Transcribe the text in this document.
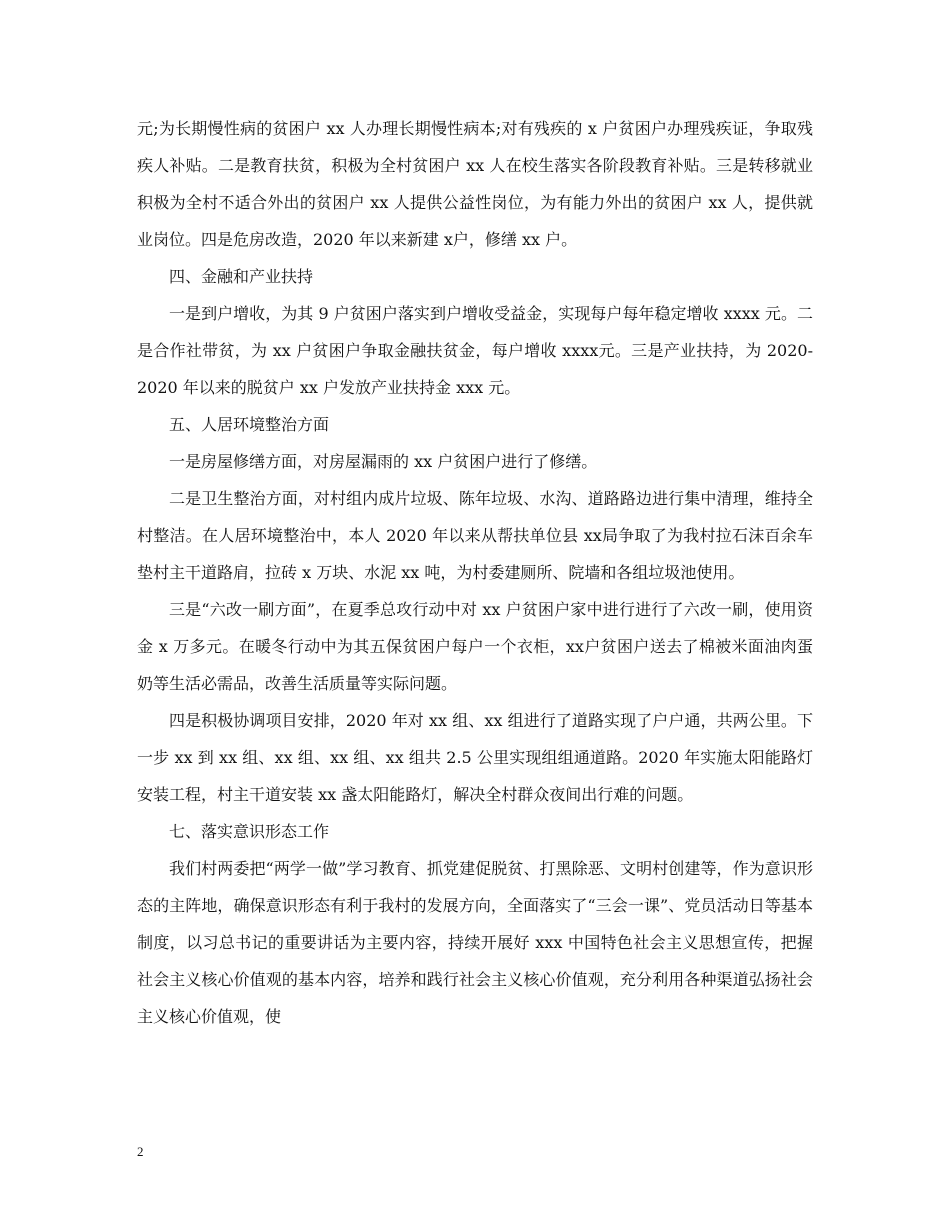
元;为长期慢性病的贫困户 xx 人办理长期慢性病本;对有残疾的 x 户贫困户办理残疾证，争取残疾人补贴。二是教育扶贫，积极为全村贫困户 xx 人在校生落实各阶段教育补贴。三是转移就业积极为全村不适合外出的贫困户 xx 人提供公益性岗位，为有能力外出的贫困户 xx 人，提供就业岗位。四是危房改造，2020 年以来新建 x户，修缮 xx 户。

四、金融和产业扶持

一是到户增收，为其 9 户贫困户落实到户增收受益金，实现每户每年稳定增收 xxxx 元。二是合作社带贫，为 xx 户贫困户争取金融扶贫金，每户增收 xxxx元。三是产业扶持，为 2020-2020 年以来的脱贫户 xx 户发放产业扶持金 xxx 元。

五、人居环境整治方面

一是房屋修缮方面，对房屋漏雨的 xx 户贫困户进行了修缮。

二是卫生整治方面，对村组内成片垃圾、陈年垃圾、水沟、道路路边进行集中清理，维持全村整洁。在人居环境整治中，本人 2020 年以来从帮扶单位县 xx局争取了为我村拉石沫百余车垫村主干道路肩，拉砖 x 万块、水泥 xx 吨，为村委建厕所、院墙和各组垃圾池使用。

三是“六改一刷方面”，在夏季总攻行动中对 xx 户贫困户家中进行进行了六改一刷，使用资金 x 万多元。在暖冬行动中为其五保贫困户每户一个衣柜，xx户贫困户送去了棉被米面油肉蛋奶等生活必需品，改善生活质量等实际问题。

四是积极协调项目安排，2020 年对 xx 组、xx 组进行了道路实现了户户通，共两公里。下一步 xx 到 xx 组、xx 组、xx 组、xx 组共 2.5 公里实现组组通道路。2020 年实施太阳能路灯安装工程，村主干道安装 xx 盏太阳能路灯，解决全村群众夜间出行难的问题。

七、落实意识形态工作

我们村两委把“两学一做”学习教育、抓党建促脱贫、打黑除恶、文明村创建等，作为意识形态的主阵地，确保意识形态有利于我村的发展方向，全面落实了“三会一课”、党员活动日等基本制度，以习总书记的重要讲话为主要内容，持续开展好 xxx 中国特色社会主义思想宣传，把握社会主义核心价值观的基本内容，培养和践行社会主义核心价值观，充分利用各种渠道弘扬社会主义核心价值观，使

2
